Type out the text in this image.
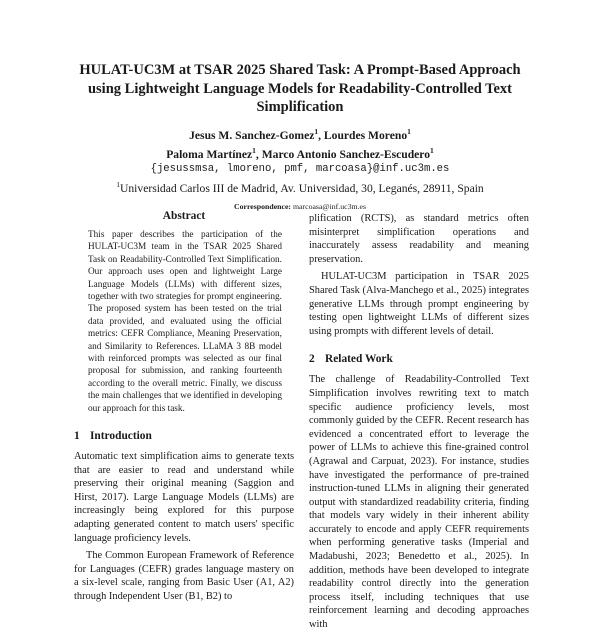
HULAT-UC3M at TSAR 2025 Shared Task: A Prompt-Based Approach using Lightweight Language Models for Readability-Controlled Text Simplification
Jesus M. Sanchez-Gomez$^1$, Lourdes Moreno$^1$
Paloma Martínez$^1$, Marco Antonio Sanchez-Escudero$^1$
{jesussmsa, lmoreno, pmf, marcoasa}@inf.uc3m.es
$^1$Universidad Carlos III de Madrid, Av. Universidad, 30, Leganés, 28911, Spain
Correspondence: marcoasa@inf.uc3m.es
Abstract

This paper describes the participation of the HULAT-UC3M team in the TSAR 2025 Shared Task on Readability-Controlled Text Simplification. Our approach uses open and lightweight Large Language Models (LLMs) with different sizes, together with two strategies for prompt engineering. The proposed system has been tested on the trial data provided, and evaluated using the official metrics: CEFR Compliance, Meaning Preservation, and Similarity to References. LLaMA 3 8B model with reinforced prompts was selected as our final proposal for submission, and ranking fourteenth according to the overall metric. Finally, we discuss the main challenges that we identified in developing our approach for this task.

1 Introduction

Automatic text simplification aims to generate texts that are easier to read and understand while preserving their original meaning (Saggion and Hirst, 2017). Large Language Models (LLMs) are increasingly being explored for this purpose adapting generated content to match users' specific language proficiency levels.

The Common European Framework of Reference for Languages (CEFR) grades language mastery on a six-level scale, ranging from Basic User (A1, A2) through Independent User (B1, B2) to

plification (RCTS), as standard metrics often misinterpret simplification operations and inaccurately assess readability and meaning preservation.

HULAT-UC3M participation in TSAR 2025 Shared Task (Alva-Manchego et al., 2025) integrates generative LLMs through prompt engineering by testing open lightweight LLMs of different sizes using prompts with different levels of detail.

2 Related Work

The challenge of Readability-Controlled Text Simplification involves rewriting text to match specific audience proficiency levels, most commonly guided by the CEFR. Recent research has evidenced a concentrated effort to leverage the power of LLMs to achieve this fine-grained control (Agrawal and Carpuat, 2023). For instance, studies have investigated the performance of pre-trained instruction-tuned LLMs in aligning their generated output with standardized readability criteria, finding that models vary widely in their inherent ability accurately to encode and apply CEFR requirements when performing generative tasks (Imperial and Madabushi, 2023; Benedetto et al., 2025). In addition, methods have been developed to integrate readability control directly into the generation process itself, including techniques that use reinforcement learning and decoding approaches with
